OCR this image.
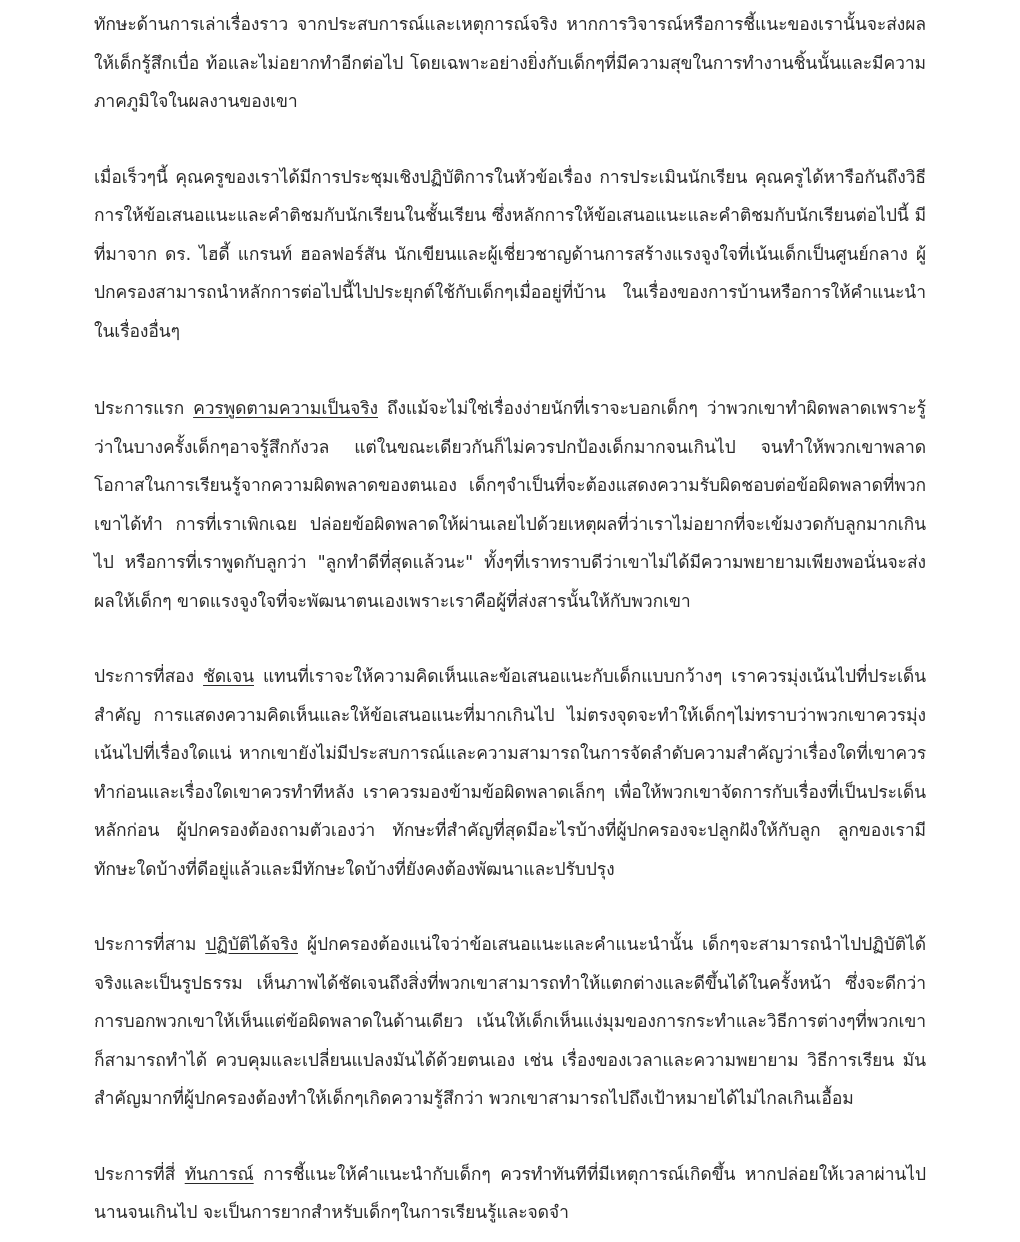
ทักษะด้านการเล่าเรื่องราว จากประสบการณ์และเหตุการณ์จริง หากการวิจารณ์หรือการชี้แนะของเรานั้นจะส่งผลให้เด็กรู้สึกเบื่อ ท้อและไม่อยากทำอีกต่อไป โดยเฉพาะอย่างยิ่งกับเด็กๆที่มีความสุขในการทำงานชิ้นนั้นและมีความภาคภูมิใจในผลงานของเขา

เมื่อเร็วๆนี้ คุณครูของเราได้มีการประชุมเชิงปฏิบัติการในหัวข้อเรื่อง การประเมินนักเรียน คุณครูได้หารือกันถึงวิธีการให้ข้อเสนอแนะและคำติชมกับนักเรียนในชั้นเรียน ซึ่งหลักการให้ข้อเสนอแนะและคำติชมกับนักเรียนต่อไปนี้ มีที่มาจาก ดร. ไฮดี้ แกรนท์ ฮอลฟอร์สัน นักเขียนและผู้เชี่ยวชาญด้านการสร้างแรงจูงใจที่เน้นเด็กเป็นศูนย์กลาง ผู้ปกครองสามารถนำหลักการต่อไปนี้ไปประยุกต์ใช้กับเด็กๆเมื่ออยู่ที่บ้าน ในเรื่องของการบ้านหรือการให้คำแนะนำในเรื่องอื่นๆ

ประการแรก ควรพูดตามความเป็นจริง ถึงแม้จะไม่ใช่เรื่องง่ายนักที่เราจะบอกเด็กๆ ว่าพวกเขาทำผิดพลาดเพราะรู้ว่าในบางครั้งเด็กๆอาจรู้สึกกังวล แต่ในขณะเดียวกันก็ไม่ควรปกป้องเด็กมากจนเกินไป จนทำให้พวกเขาพลาดโอกาสในการเรียนรู้จากความผิดพลาดของตนเอง เด็กๆจำเป็นที่จะต้องแสดงความรับผิดชอบต่อข้อผิดพลาดที่พวกเขาได้ทำ การที่เราเพิกเฉย ปล่อยข้อผิดพลาดให้ผ่านเลยไปด้วยเหตุผลที่ว่าเราไม่อยากที่จะเข้มงวดกับลูกมากเกินไป หรือการที่เราพูดกับลูกว่า "ลูกทำดีที่สุดแล้วนะ" ทั้งๆที่เราทราบดีว่าเขาไม่ได้มีความพยายามเพียงพอนั่นจะส่งผลให้เด็กๆ ขาดแรงจูงใจที่จะพัฒนาตนเองเพราะเราคือผู้ที่ส่งสารนั้นให้กับพวกเขา

ประการที่สอง ชัดเจน แทนที่เราจะให้ความคิดเห็นและข้อเสนอแนะกับเด็กแบบกว้างๆ เราควรมุ่งเน้นไปที่ประเด็นสำคัญ การแสดงความคิดเห็นและให้ข้อเสนอแนะที่มากเกินไป ไม่ตรงจุดจะทำให้เด็กๆไม่ทราบว่าพวกเขาควรมุ่งเน้นไปที่เรื่องใดแน่ หากเขายังไม่มีประสบการณ์และความสามารถในการจัดลำดับความสำคัญว่าเรื่องใดที่เขาควรทำก่อนและเรื่องใดเขาควรทำทีหลัง เราควรมองข้ามข้อผิดพลาดเล็กๆ เพื่อให้พวกเขาจัดการกับเรื่องที่เป็นประเด็นหลักก่อน ผู้ปกครองต้องถามตัวเองว่า ทักษะที่สำคัญที่สุดมีอะไรบ้างที่ผู้ปกครองจะปลูกฝังให้กับลูก ลูกของเรามีทักษะใดบ้างที่ดีอยู่แล้วและมีทักษะใดบ้างที่ยังคงต้องพัฒนาและปรับปรุง

ประการที่สาม ปฏิบัติได้จริง ผู้ปกครองต้องแน่ใจว่าข้อเสนอแนะและคำแนะนำนั้น เด็กๆจะสามารถนำไปปฏิบัติได้จริงและเป็นรูปธรรม เห็นภาพได้ชัดเจนถึงสิ่งที่พวกเขาสามารถทำให้แตกต่างและดีขึ้นได้ในครั้งหน้า ซึ่งจะดีกว่าการบอกพวกเขาให้เห็นแต่ข้อผิดพลาดในด้านเดียว เน้นให้เด็กเห็นแง่มุมของการกระทำและวิธีการต่างๆที่พวกเขาก็สามารถทำได้ ควบคุมและเปลี่ยนแปลงมันได้ด้วยตนเอง เช่น เรื่องของเวลาและความพยายาม วิธีการเรียน มันสำคัญมากที่ผู้ปกครองต้องทำให้เด็กๆเกิดความรู้สึกว่า พวกเขาสามารถไปถึงเป้าหมายได้ไม่ไกลเกินเอื้อม

ประการที่สี่ ทันการณ์ การชี้แนะให้คำแนะนำกับเด็กๆ ควรทำทันทีที่มีเหตุการณ์เกิดขึ้น หากปล่อยให้เวลาผ่านไปนานจนเกินไป จะเป็นการยากสำหรับเด็กๆในการเรียนรู้และจดจำ
